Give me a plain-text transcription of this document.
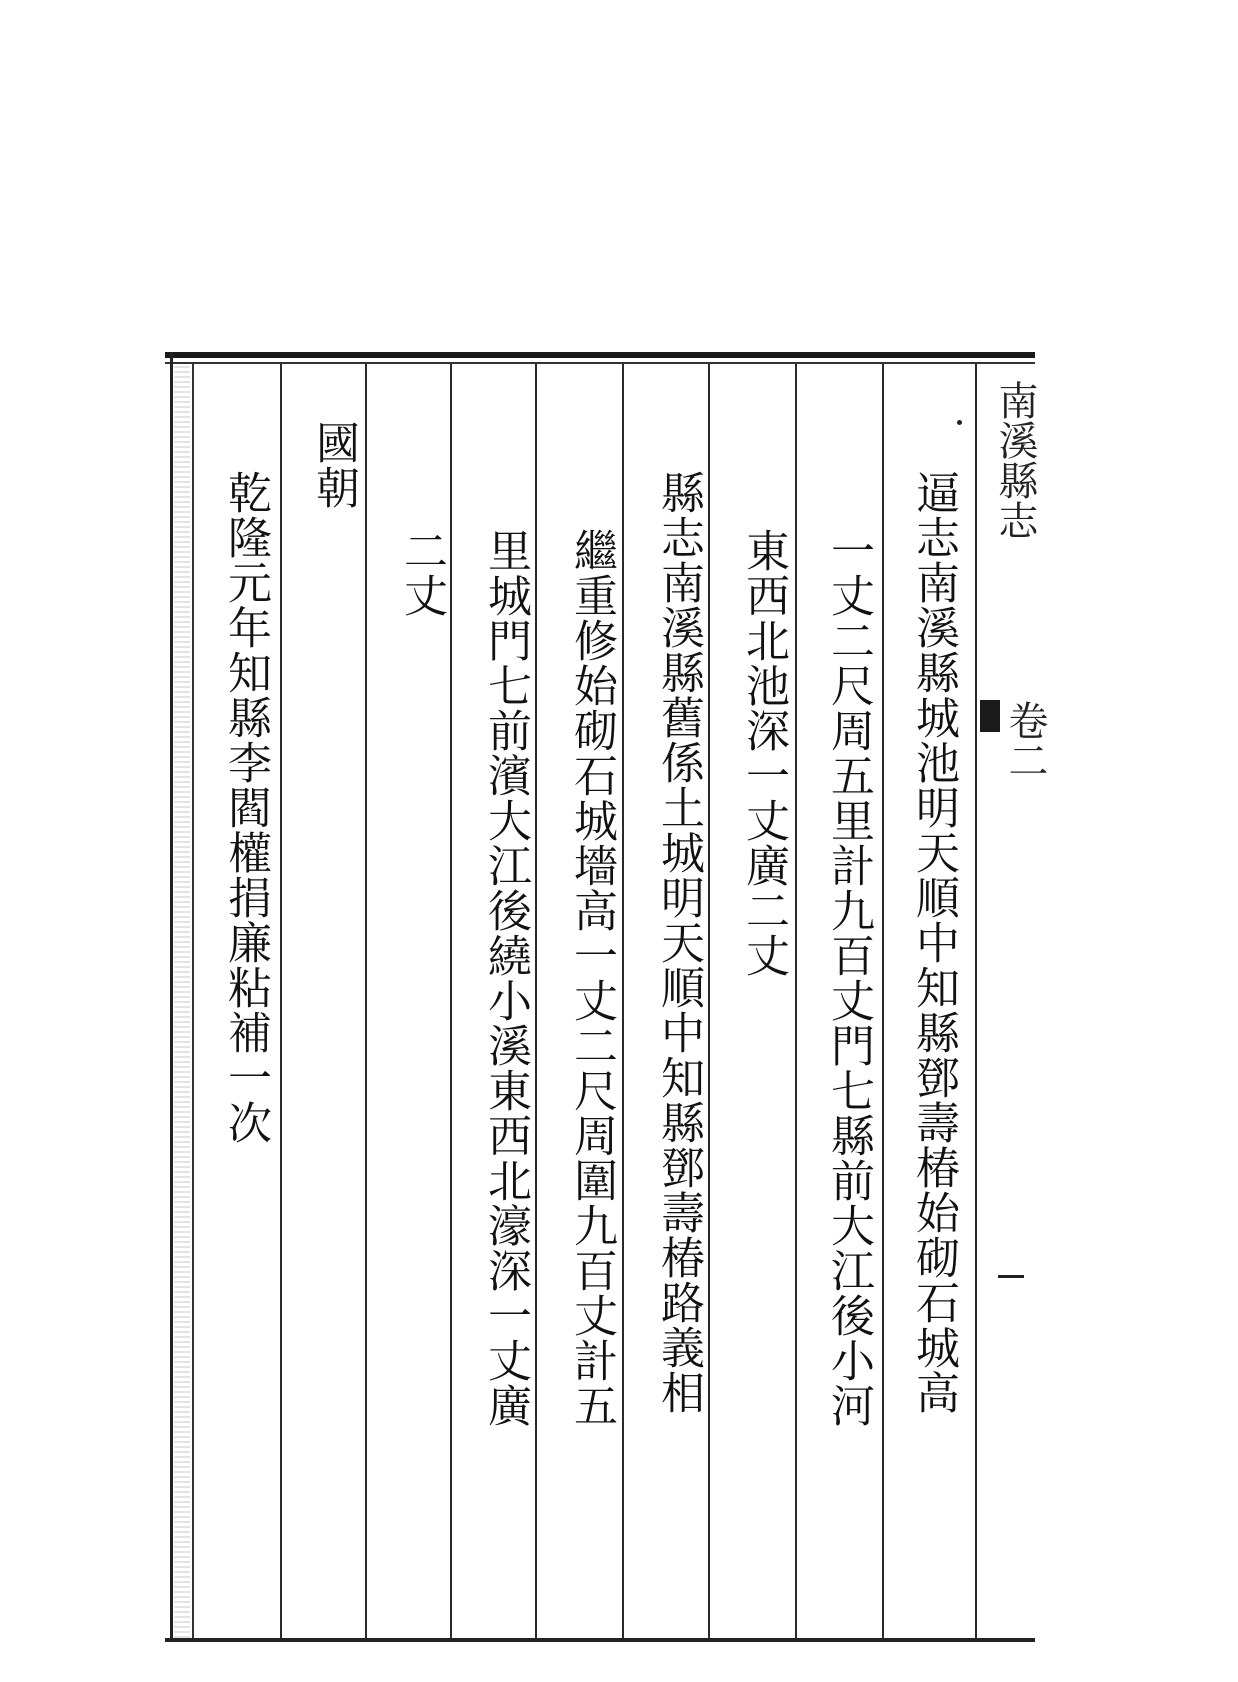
南溪縣志
卷二
逼志南溪縣城池明天順中知縣鄧壽椿始砌石城高
一丈二尺周五里計九百丈門七縣前大江後小河
東西北池深一丈廣二丈
縣志南溪縣舊係土城明天順中知縣鄧壽椿路義相
繼重修始砌石城墻高一丈二尺周圍九百丈計五
里城門七前濱大江後繞小溪東西北濠深一丈廣
二丈
國朝
乾隆元年知縣李閻權捐廉粘補一次
